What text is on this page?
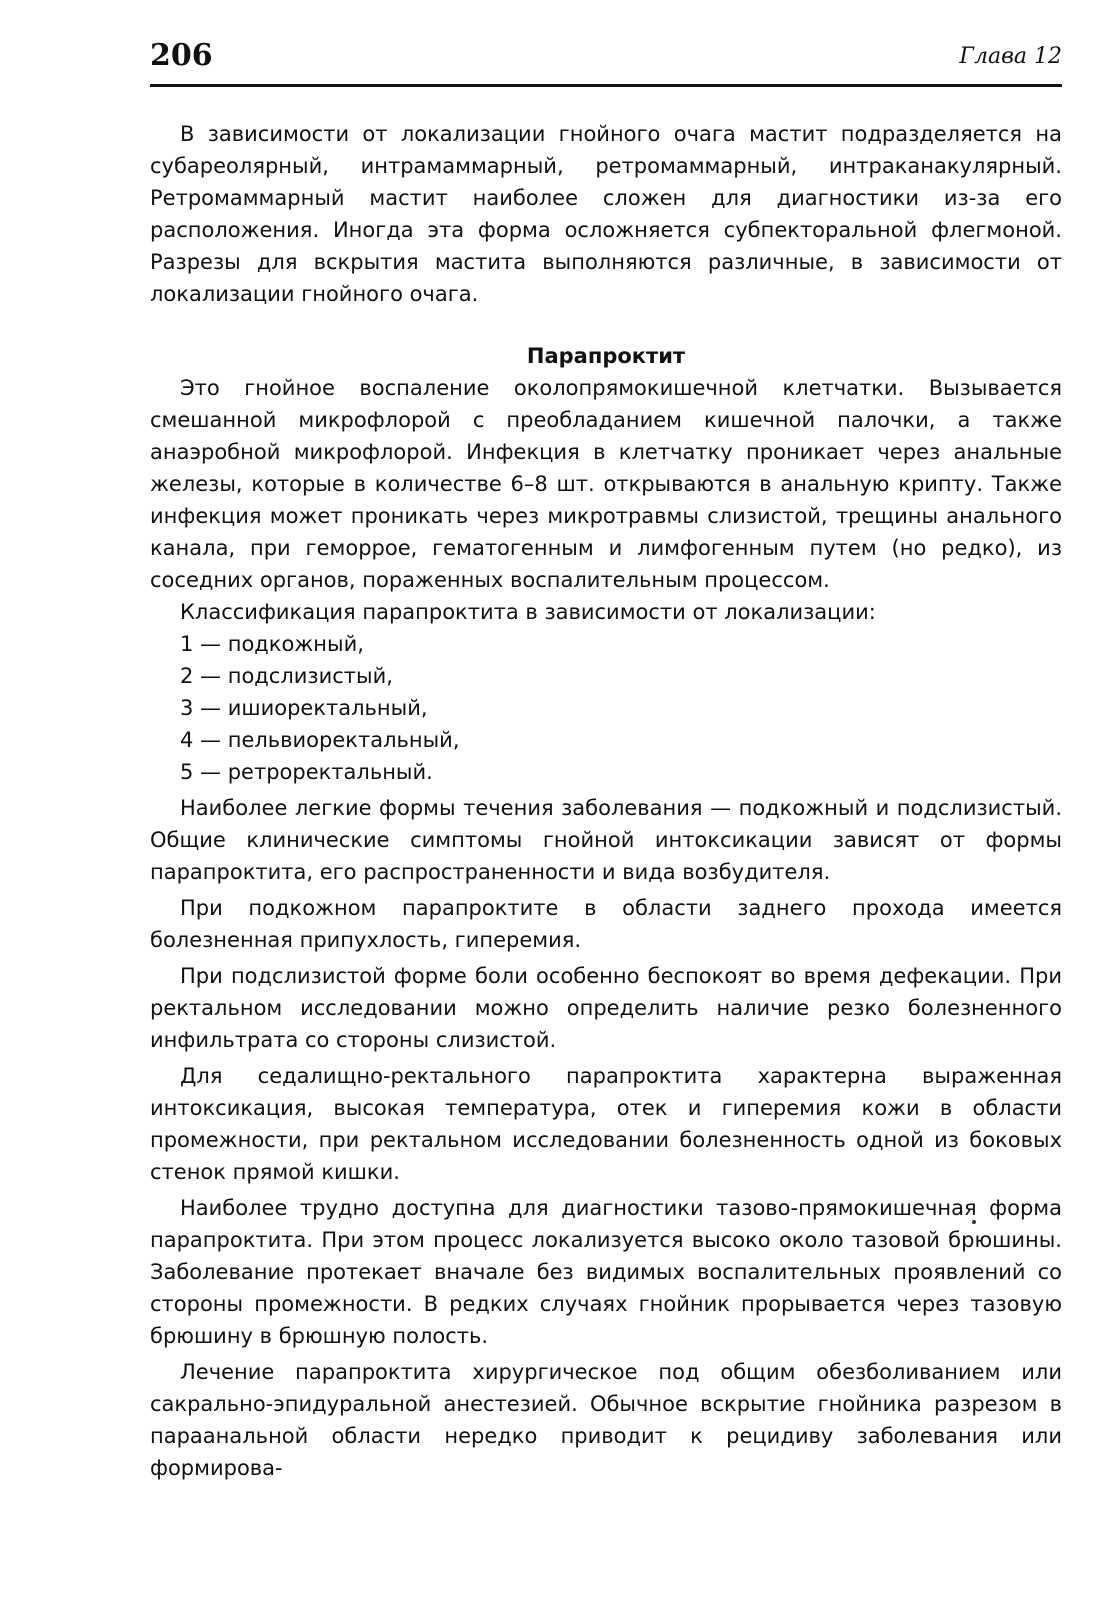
206	Глава 12

В зависимости от локализации гнойного очага мастит подразделяется на субареолярный, интрамаммарный, ретромаммарный, интраканакулярный. Ретромаммарный мастит наиболее сложен для диагностики из-за его расположения. Иногда эта форма осложняется субпекторальной флегмоной. Разрезы для вскрытия мастита выполняются различные, в зависимости от локализации гнойного очага.

Парапроктит

Это гнойное воспаление околопрямокишечной клетчатки. Вызывается смешанной микрофлорой с преобладанием кишечной палочки, а также анаэробной микрофлорой. Инфекция в клетчатку проникает через анальные железы, которые в количестве 6–8 шт. открываются в анальную крипту. Также инфекция может проникать через микротравмы слизистой, трещины анального канала, при геморрое, гематогенным и лимфогенным путем (но редко), из соседних органов, пораженных воспалительным процессом.

Классификация парапроктита в зависимости от локализации:

1 — подкожный,

2 — подслизистый,

3 — ишиоректальный,

4 — пельвиоректальный,

5 — ретроректальный.

Наиболее легкие формы течения заболевания — подкожный и подслизистый. Общие клинические симптомы гнойной интоксикации зависят от формы парапроктита, его распространенности и вида возбудителя.

При подкожном парапроктите в области заднего прохода имеется болезненная припухлость, гиперемия.

При подслизистой форме боли особенно беспокоят во время дефекации. При ректальном исследовании можно определить наличие резко болезненного инфильтрата со стороны слизистой.

Для седалищно-ректального парапроктита характерна выраженная интоксикация, высокая температура, отек и гиперемия кожи в области промежности, при ректальном исследовании болезненность одной из боковых стенок прямой кишки.

Наиболее трудно доступна для диагностики тазово-прямокишечная форма парапроктита. При этом процесс локализуется высоко около тазовой брюшины. Заболевание протекает вначале без видимых воспалительных проявлений со стороны промежности. В редких случаях гнойник прорывается через тазовую брюшину в брюшную полость.

Лечение парапроктита хирургическое под общим обезболиванием или сакрально-эпидуральной анестезией. Обычное вскрытие гнойника разрезом в параанальной области нередко приводит к рецидиву заболевания или формирова-
